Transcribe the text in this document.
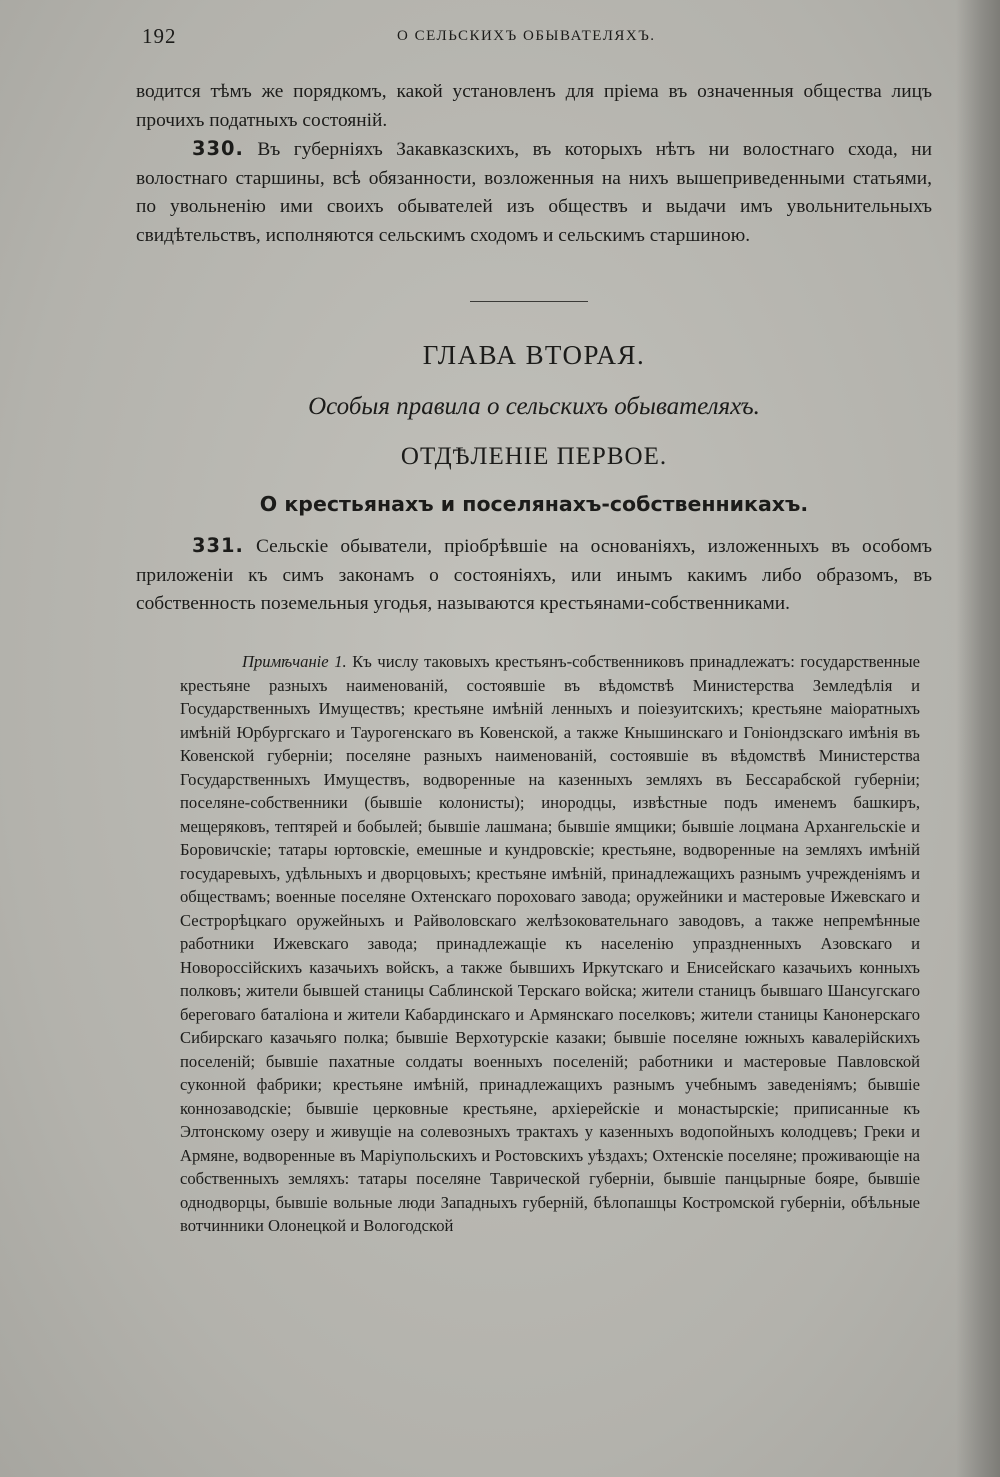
192	О СЕЛЬСКИХЪ ОБЫВАТЕЛЯХЪ.
водится тѣмъ же порядкомъ, какой установленъ для пріема въ означенныя общества лицъ прочихъ податныхъ состояній.
330. Въ губерніяхъ Закавказскихъ, въ которыхъ нѣтъ ни волостнаго схода, ни волостнаго старшины, всѣ обязанности, возложенныя на нихъ вышеприведенными статьями, по увольненію ими своихъ обывателей изъ обществъ и выдачи имъ увольнительныхъ свидѣтельствъ, исполняются сельскимъ сходомъ и сельскимъ старшиною.
ГЛАВА ВТОРАЯ.
Особыя правила о сельскихъ обывателяхъ.
ОТДѢЛЕНІЕ ПЕРВОЕ.
О крестьянахъ и поселянахъ-собственникахъ.
331. Сельскіе обыватели, пріобрѣвшіе на основаніяхъ, изложенныхъ въ особомъ приложеніи къ симъ законамъ о состояніяхъ, или инымъ какимъ либо образомъ, въ собственность поземельныя угодья, называются крестьянами-собственниками.
Примѣчаніе 1. Къ числу таковыхъ крестьянъ-собственниковъ принадлежатъ: государственные крестьяне разныхъ наименованій, состоявшіе въ вѣдомствѣ Министерства Земледѣлія и Государственныхъ Имуществъ; крестьяне имѣній ленныхъ и поіезуитскихъ; крестьяне маіоратныхъ имѣній Юрбургскаго и Таурогенскаго въ Ковенской, а также Кнышинскаго и Гоніондзскаго имѣнія въ Ковенской губерніи; поселяне разныхъ наименованій, состоявшіе въ вѣдомствѣ Министерства Государственныхъ Имуществъ, водворенные на казенныхъ земляхъ въ Бессарабской губерніи; поселяне-собственники (бывшіе колонисты); инородцы, извѣстные подъ именемъ башкиръ, мещеряковъ, тептярей и бобылей; бывшіе лашмана; бывшіе ямщики; бывшіе лоцмана Архангельскіе и Боровичскіе; татары юртовскіе, емешные и кундровскіе; крестьяне, водворенные на земляхъ имѣній государевыхъ, удѣльныхъ и дворцовыхъ; крестьяне имѣній, принадлежащихъ разнымъ учрежденіямъ и обществамъ; военные поселяне Охтенскаго пороховаго завода; оружейники и мастеровые Ижевскаго и Сестрорѣцкаго оружейныхъ и Райволовскаго желѣзоковательнаго заводовъ, а также непремѣнные работники Ижевскаго завода; принадлежащіе къ населенію упраздненныхъ Азовскаго и Новороссійскихъ казачьихъ войскъ, а также бывшихъ Иркутскаго и Енисейскаго казачьихъ конныхъ полковъ; жители бывшей станицы Саблинской Терскаго войска; жители станицъ бывшаго Шансугскаго береговаго баталіона и жители Кабардинскаго и Армянскаго поселковъ; жители станицы Канонерскаго Сибирскаго казачьяго полка; бывшіе Верхотурскіе казаки; бывшіе поселяне южныхъ кавалерійскихъ поселеній; бывшіе пахатные солдаты военныхъ поселеній; работники и мастеровые Павловской суконной фабрики; крестьяне имѣній, принадлежащихъ разнымъ учебнымъ заведеніямъ; бывшіе коннозаводскіе; бывшіе церковные крестьяне, архіерейскіе и монастырскіе; приписанные къ Элтонскому озеру и живущіе на солевозныхъ трактахъ у казенныхъ водопойныхъ колодцевъ; Греки и Армяне, водворенные въ Маріупольскихъ и Ростовскихъ уѣздахъ; Охтенскіе поселяне; проживающіе на собственныхъ земляхъ: татары поселяне Таврической губерніи, бывшіе панцырные бояре, бывшіе однодворцы, бывшіе вольные люди Западныхъ губерній, бѣлопашцы Костромской губерніи, обѣльные вотчинники Олонецкой и Вологодской
